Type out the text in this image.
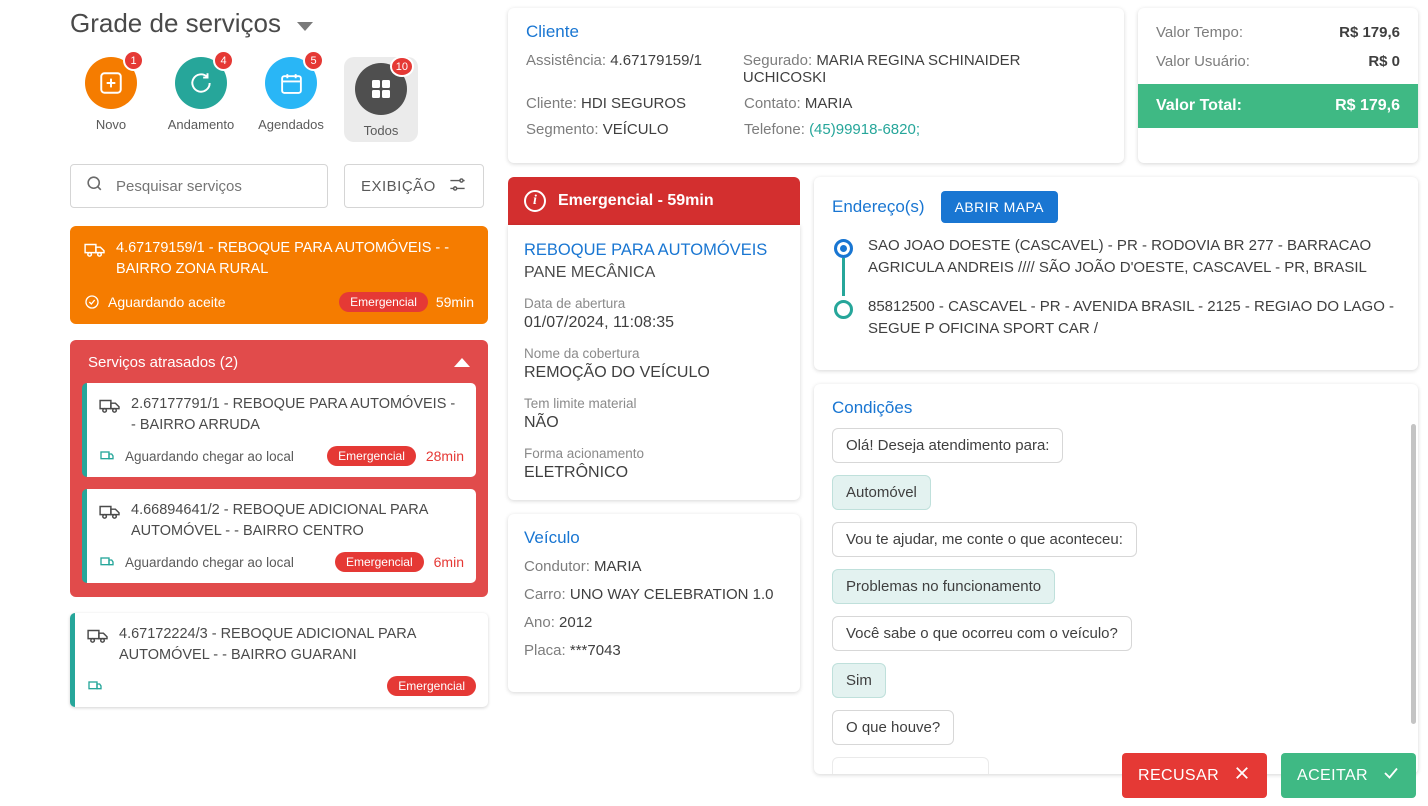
Grade de serviços
1
Novo
4
Andamento
5
Agendados
10
Todos
Pesquisar serviços
EXIBIÇÃO
4.67179159/1 - REBOQUE PARA AUTOMÓVEIS - - BAIRRO ZONA RURAL
Aguardando aceite	Emergencial	59min
Serviços atrasados (2)
2.67177791/1 - REBOQUE PARA AUTOMÓVEIS - - BAIRRO ARRUDA
Aguardando chegar ao local	Emergencial	28min
4.66894641/2 - REBOQUE ADICIONAL PARA AUTOMÓVEL - - BAIRRO CENTRO
Aguardando chegar ao local	Emergencial	6min
4.67172224/3 - REBOQUE ADICIONAL PARA AUTOMÓVEL - - BAIRRO GUARANI
Emergencial
Cliente
Assistência: 4.67179159/1	Segurado: MARIA REGINA SCHINAIDER UCHICOSKI
Cliente: HDI SEGUROS	Contato: MARIA
Segmento: VEÍCULO	Telefone: (45)99918-6820;
Valor Tempo:	R$ 179,6
Valor Usuário:	R$ 0
Valor Total:	R$ 179,6
i	Emergencial - 59min
REBOQUE PARA AUTOMÓVEIS
PANE MECÂNICA
Data de abertura
01/07/2024, 11:08:35
Nome da cobertura
REMOÇÃO DO VEÍCULO
Tem limite material
NÃO
Forma acionamento
ELETRÔNICO
Veículo
Condutor: MARIA
Carro: UNO WAY CELEBRATION 1.0
Ano: 2012
Placa: ***7043
Endereço(s)	ABRIR MAPA
SAO JOAO DOESTE (CASCAVEL) - PR - RODOVIA BR 277 - BARRACAO AGRICULA ANDREIS //// SÃO JOÃO D'OESTE, CASCAVEL - PR, BRASIL
85812500 - CASCAVEL - PR - AVENIDA BRASIL - 2125 - REGIAO DO LAGO - SEGUE P OFICINA SPORT CAR /
Condições
Olá! Deseja atendimento para:
Automóvel
Vou te ajudar, me conte o que aconteceu:
Problemas no funcionamento
Você sabe o que ocorreu com o veículo?
Sim
O que houve?

RECUSAR	ACEITAR
